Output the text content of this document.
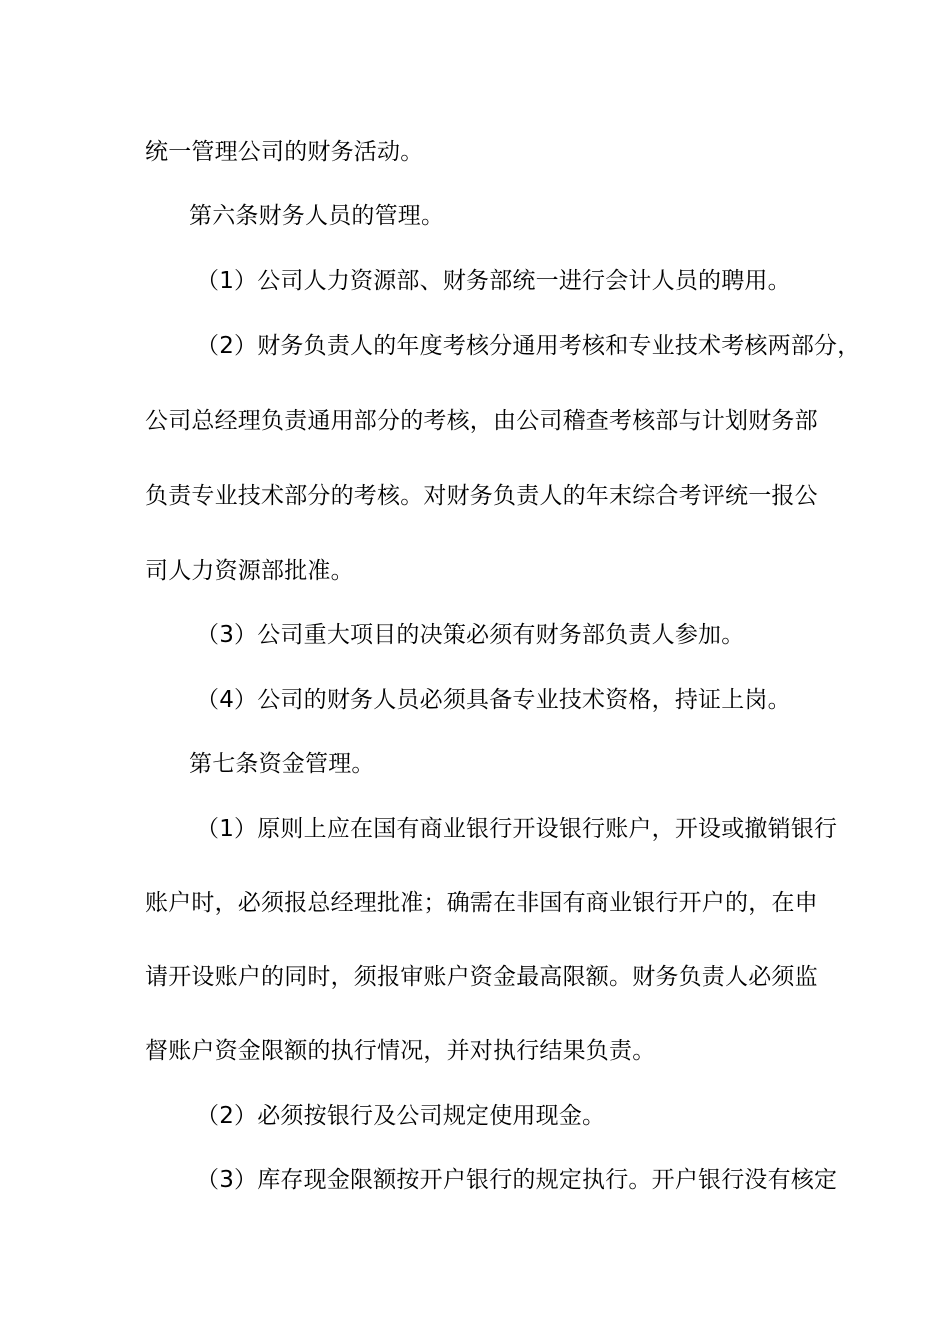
统一管理公司的财务活动。
第六条财务人员的管理。
（1）公司人力资源部、财务部统一进行会计人员的聘用。
（2）财务负责人的年度考核分通用考核和专业技术考核两部分，
公司总经理负责通用部分的考核，由公司稽查考核部与计划财务部
负责专业技术部分的考核。对财务负责人的年末综合考评统一报公
司人力资源部批准。
（3）公司重大项目的决策必须有财务部负责人参加。
（4）公司的财务人员必须具备专业技术资格，持证上岗。
第七条资金管理。
（1）原则上应在国有商业银行开设银行账户，开设或撤销银行
账户时，必须报总经理批准；确需在非国有商业银行开户的，在申
请开设账户的同时，须报审账户资金最高限额。财务负责人必须监
督账户资金限额的执行情况，并对执行结果负责。
（2）必须按银行及公司规定使用现金。
（3）库存现金限额按开户银行的规定执行。开户银行没有核定
